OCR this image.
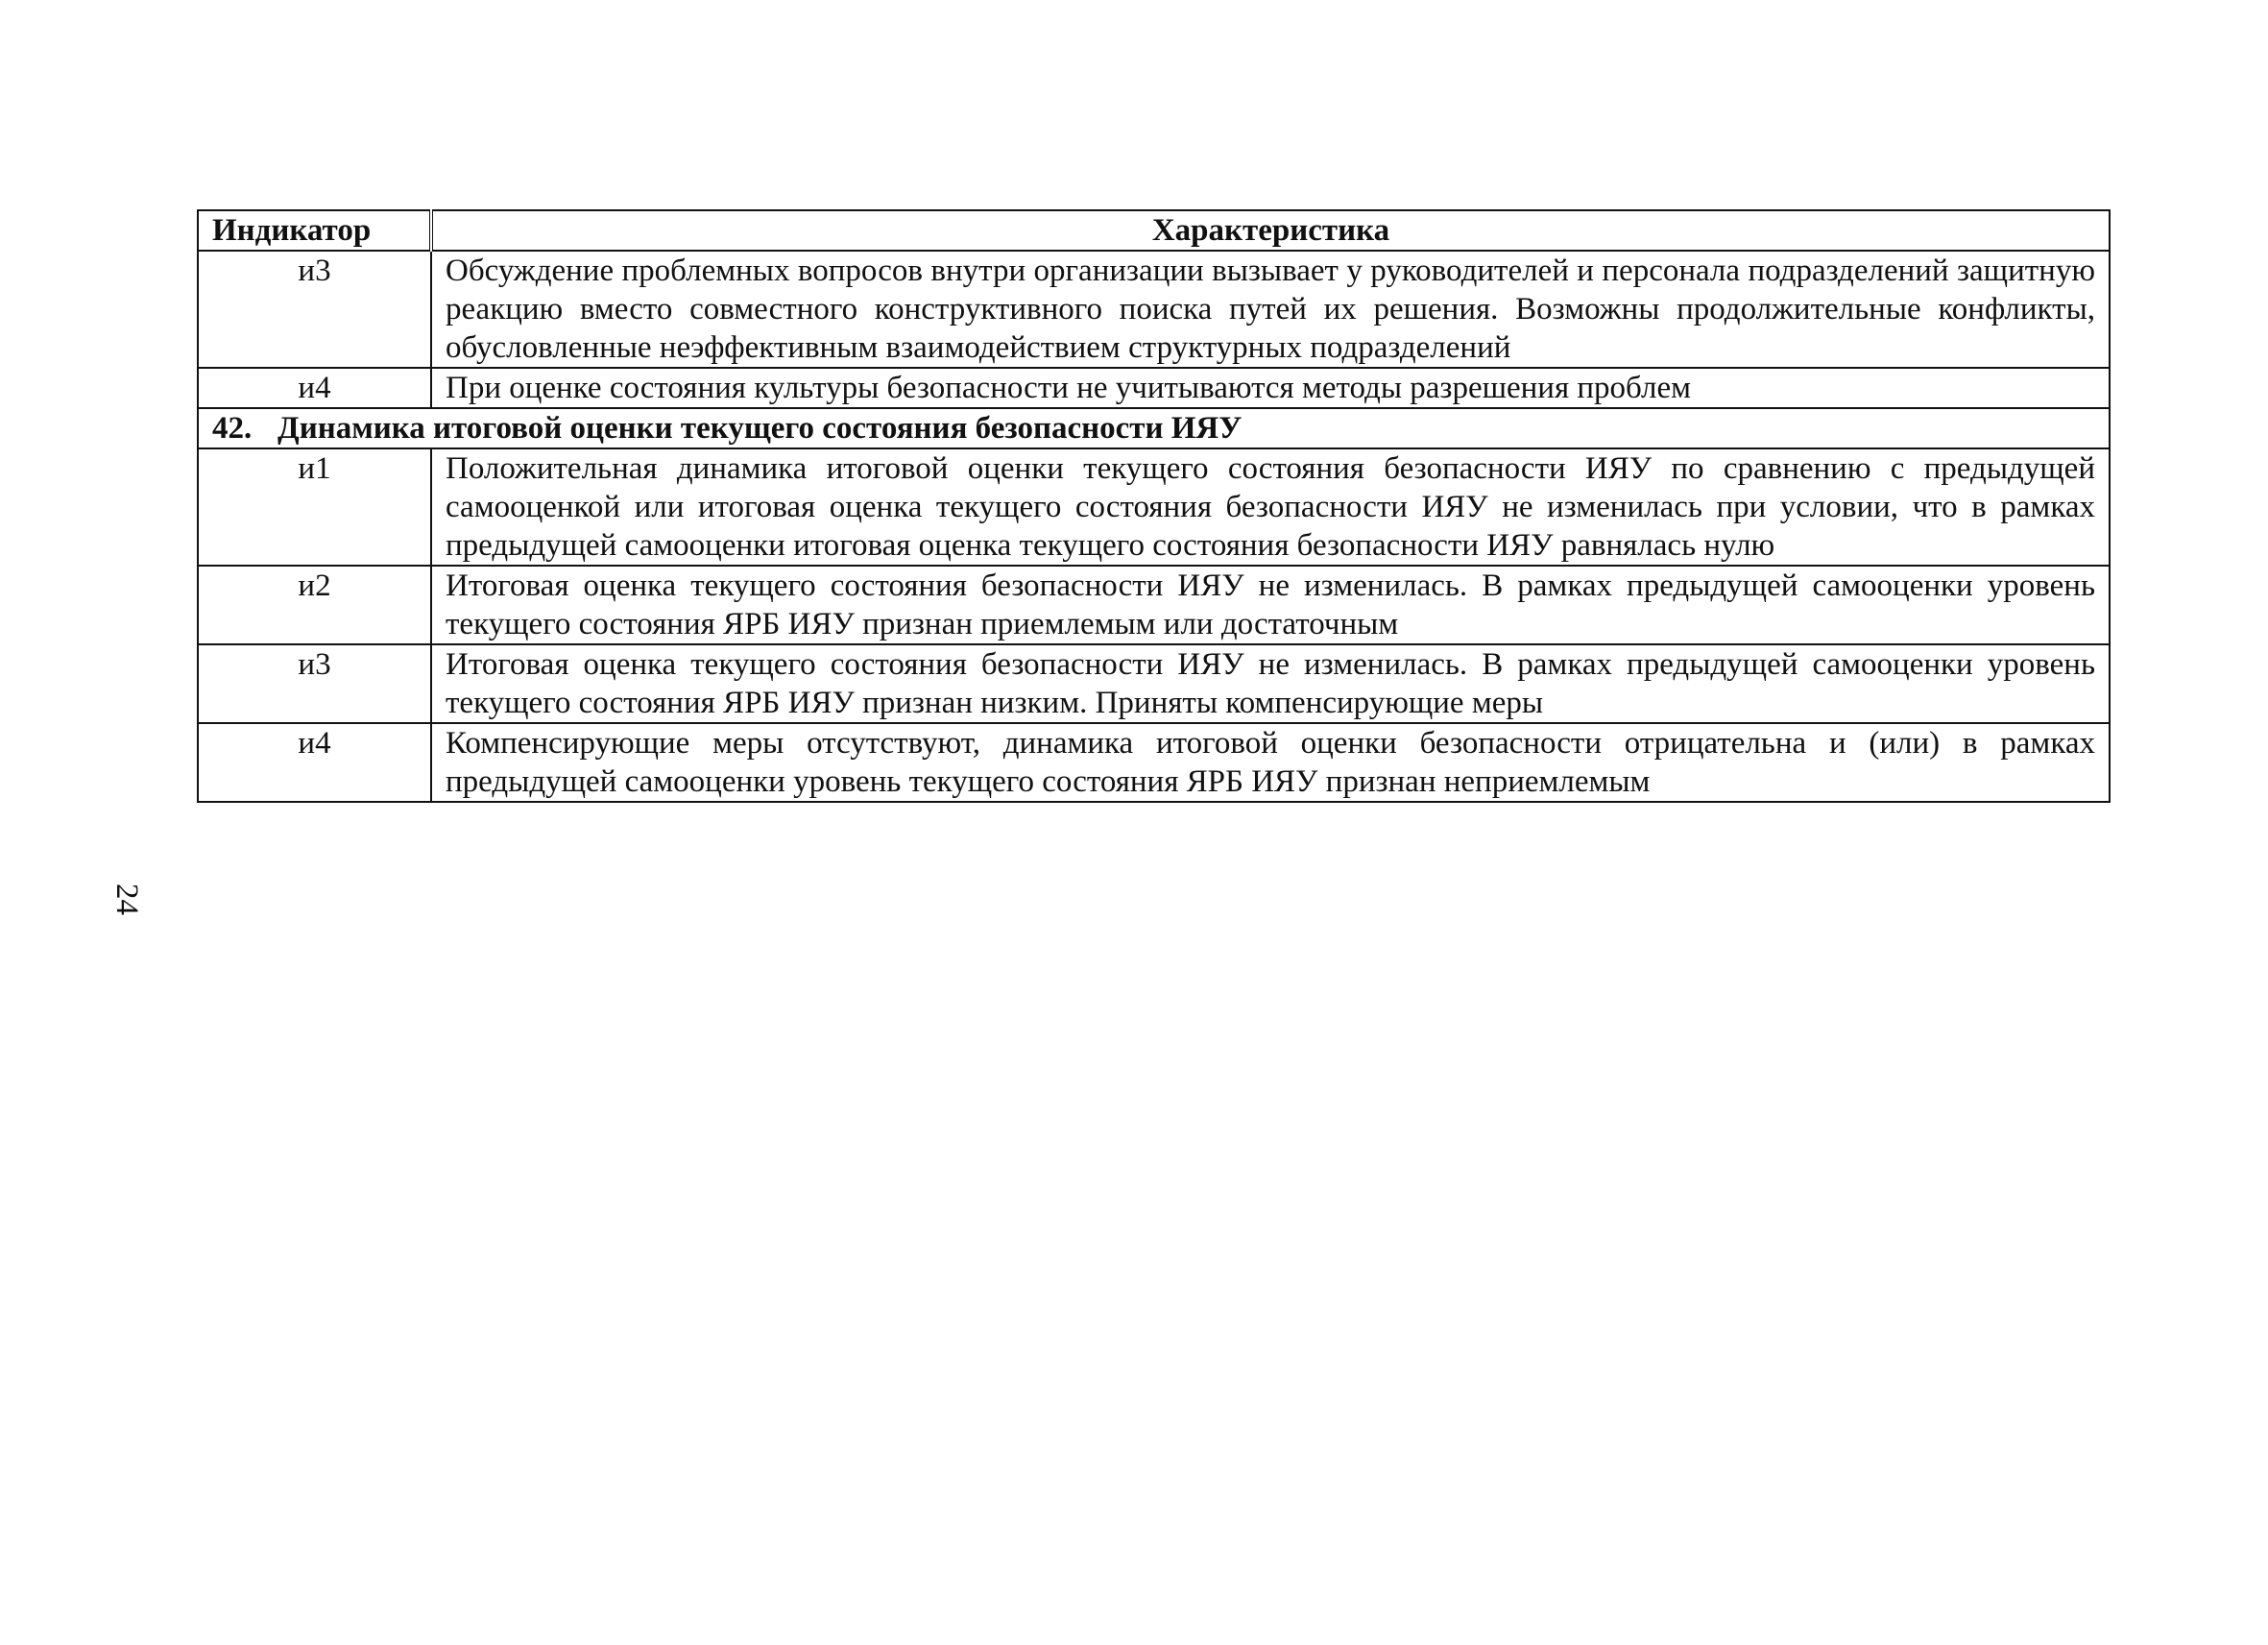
Индикатор	Характеристика
и3	Обсуждение проблемных вопросов внутри организации вызывает у руководителей и персонала подразделений защитную реакцию вместо совместного конструктивного поиска путей их решения. Возможны продолжительные конфликты, обусловленные неэффективным взаимодействием структурных подразделений
и4	При оценке состояния культуры безопасности не учитываются методы разрешения проблем
42. Динамика итоговой оценки текущего состояния безопасности ИЯУ	
и1	Положительная динамика итоговой оценки текущего состояния безопасности ИЯУ по сравнению с предыдущей самооценкой или итоговая оценка текущего состояния безопасности ИЯУ не изменилась при условии, что в рамках предыдущей самооценки итоговая оценка текущего состояния безопасности ИЯУ равнялась нулю
и2	Итоговая оценка текущего состояния безопасности ИЯУ не изменилась. В рамках предыдущей самооценки уровень текущего состояния ЯРБ ИЯУ признан приемлемым или достаточным
и3	Итоговая оценка текущего состояния безопасности ИЯУ не изменилась. В рамках предыдущей самооценки уровень текущего состояния ЯРБ ИЯУ признан низким. Приняты компенсирующие меры
и4	Компенсирующие меры отсутствуют, динамика итоговой оценки безопасности отрицательна и (или) в рамках предыдущей самооценки уровень текущего состояния ЯРБ ИЯУ признан неприемлемым
24
